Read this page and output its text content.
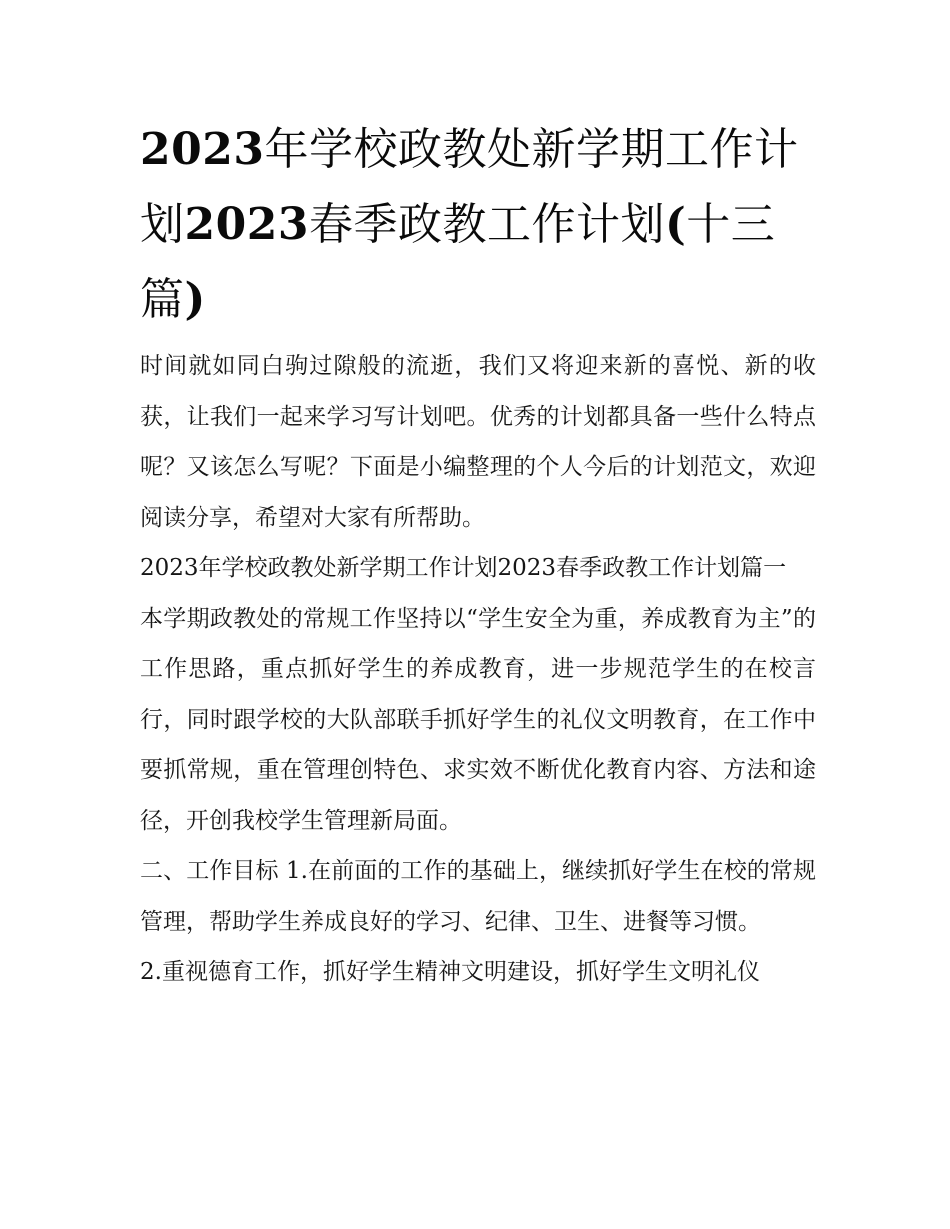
2023年学校政教处新学期工作计划2023春季政教工作计划(十三篇)

时间就如同白驹过隙般的流逝，我们又将迎来新的喜悦、新的收获，让我们一起来学习写计划吧。优秀的计划都具备一些什么特点呢？又该怎么写呢？下面是小编整理的个人今后的计划范文，欢迎阅读分享，希望对大家有所帮助。

2023年学校政教处新学期工作计划2023春季政教工作计划篇一

本学期政教处的常规工作坚持以“学生安全为重，养成教育为主”的工作思路，重点抓好学生的养成教育，进一步规范学生的在校言行，同时跟学校的大队部联手抓好学生的礼仪文明教育，在工作中要抓常规，重在管理创特色、求实效不断优化教育内容、方法和途径，开创我校学生管理新局面。

二、工作目标 1.在前面的工作的基础上，继续抓好学生在校的常规管理，帮助学生养成良好的学习、纪律、卫生、进餐等习惯。

2.重视德育工作，抓好学生精神文明建设，抓好学生文明礼仪
